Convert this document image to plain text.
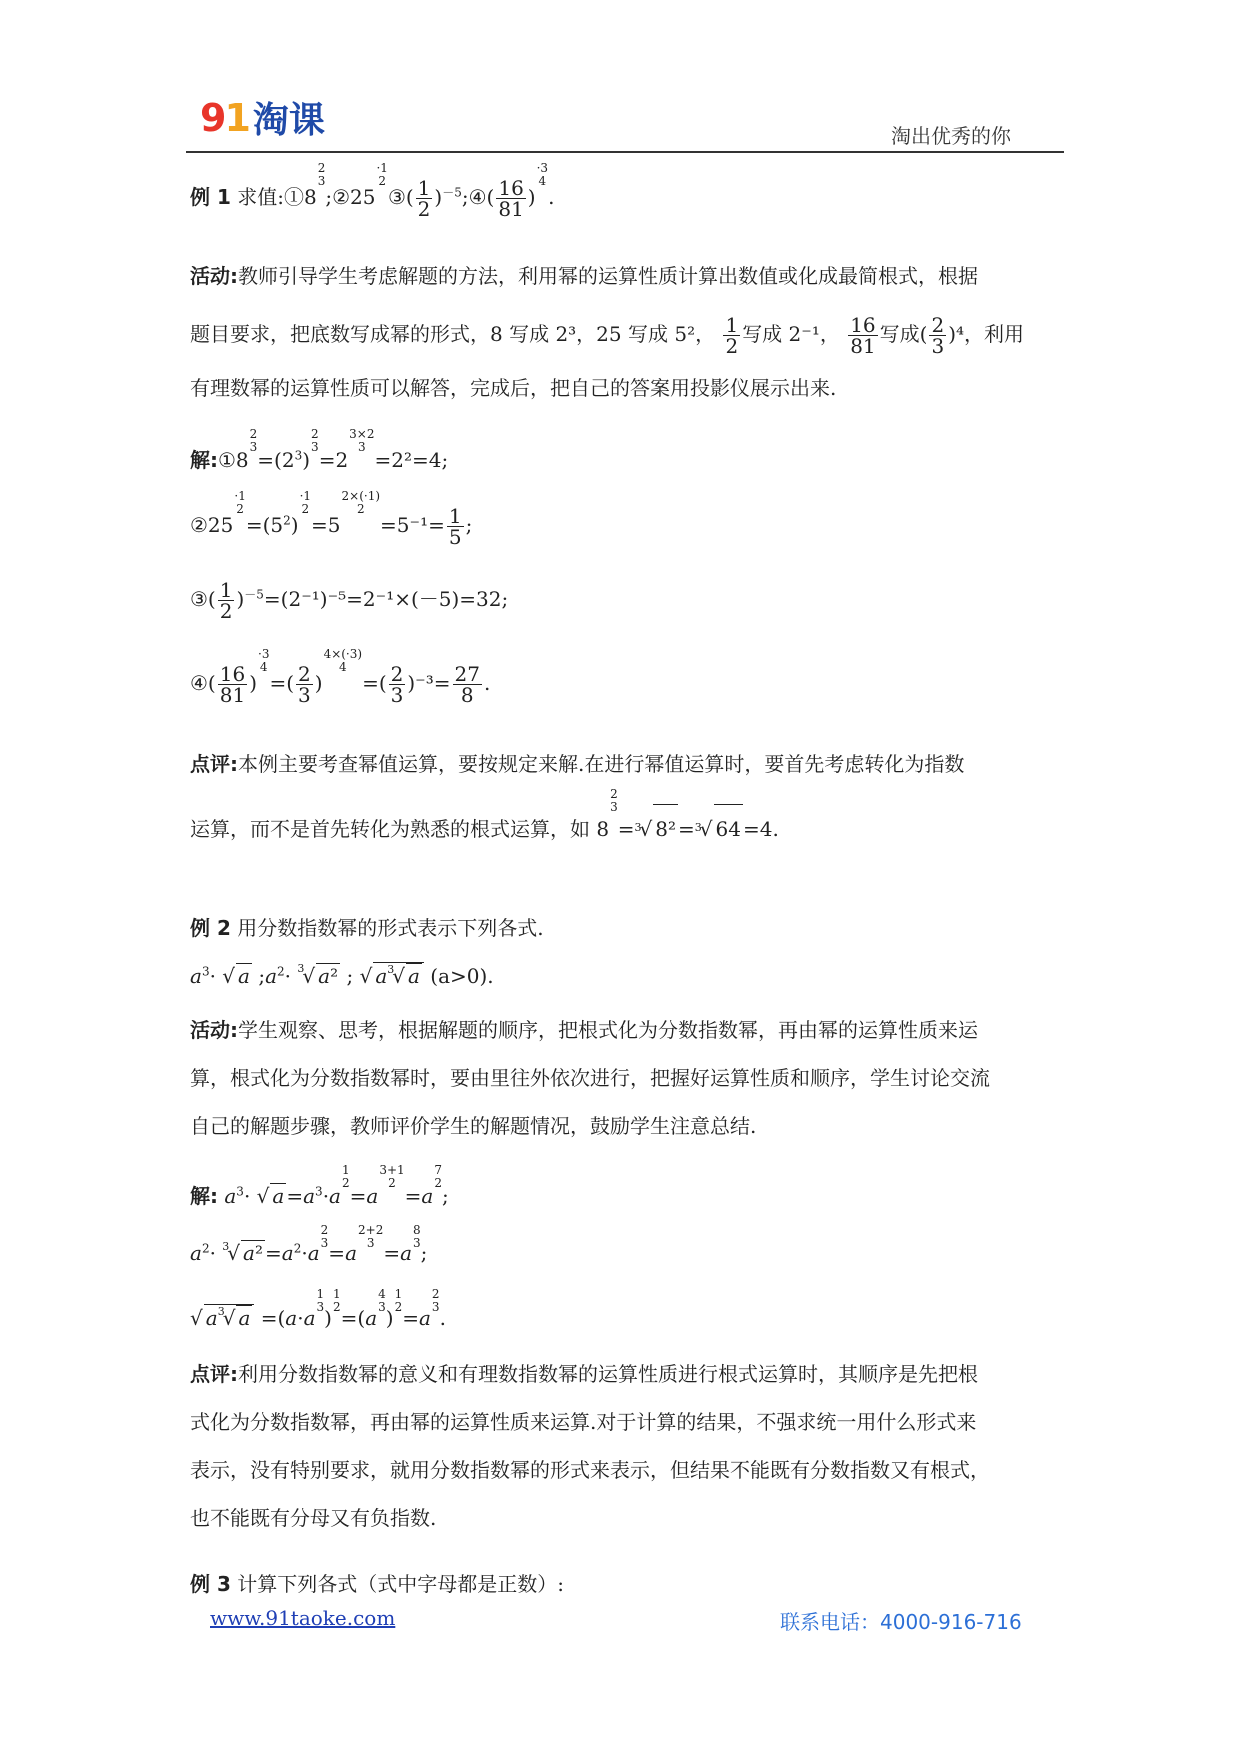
91 淘课	淘出优秀的你
例 1 求值:①8
2
3
;②25
·1
2
③( $\frac{1}{2}$ )$^{-5}$;④( $\frac{16}{81}$ )
·3
4
.
活动:教师引导学生考虑解题的方法，利用幂的运算性质计算出数值或化成最简根式，根据
题目要求，把底数写成幂的形式，8 写成 2³，25 写成 5²， $\frac{1}{2}$ 写成 2⁻¹， $\frac{16}{81}$ 写成( $\frac{2}{3} )^4$，利用
有理数幂的运算性质可以解答，完成后，把自己的答案用投影仪展示出来.
解:①8
2
3
$=(2^3)$
2
3
=2
3×2
3
=2²=4;
②25
·1
2
$=(5^2)$
·1
2
=5
2×(·1)
2
$=5^{-1}= \frac{1}{5}$ ;
③( $\frac{1}{2} )^{-5}=(2^{-1})^{-5}=2^{-1}\times(-5)=32$;
④( $\frac{16}{81}$ )
·3
4
=( $\frac{2}{3}$ )
4×(·3)
4
=( $\frac{2}{3} )^{-3}= \frac{27}{8}$ .
点评:本例主要考查幂值运算，要按规定来解.在进行幂值运算时，要首先考虑转化为指数
运算，而不是首先转化为熟悉的根式运算，如 8
2
3
=$^3$√ 8² =$^3$√ 64 =4.
例 2 用分数指数幂的形式表示下列各式.
$a^3\cdot$ √ a $;a^2\cdot ^3√$ a² ; √ $a^3√$ a (a>0).
活动:学生观察、思考，根据解题的顺序，把根式化为分数指数幂，再由幂的运算性质来运
算，根式化为分数指数幂时，要由里往外依次进行，把握好运算性质和顺序，学生讨论交流
自己的解题步骤，教师评价学生的解题情况，鼓励学生注意总结.
解: $a^3\cdot$ √ $a =a^3\cdot a$
1
2
=a
3+1
2
=a
7
2
;
$a^2\cdot ^3√$ $a^2 =a^2\cdot a$
2
3 =a
2+2
3 =a
8
3 ;
√ $a^3√$ a =(a·a
1
3 )
1
2 =(a
4
3 )
1
2 =a
2
3 .
点评:利用分数指数幂的意义和有理数指数幂的运算性质进行根式运算时，其顺序是先把根
式化为分数指数幂，再由幂的运算性质来运算.对于计算的结果，不强求统一用什么形式来
表示，没有特别要求，就用分数指数幂的形式来表示，但结果不能既有分数指数又有根式，
也不能既有分母又有负指数.
例 3 计算下列各式（式中字母都是正数）:
www.91taoke.com	联系电话：4000-916-716
